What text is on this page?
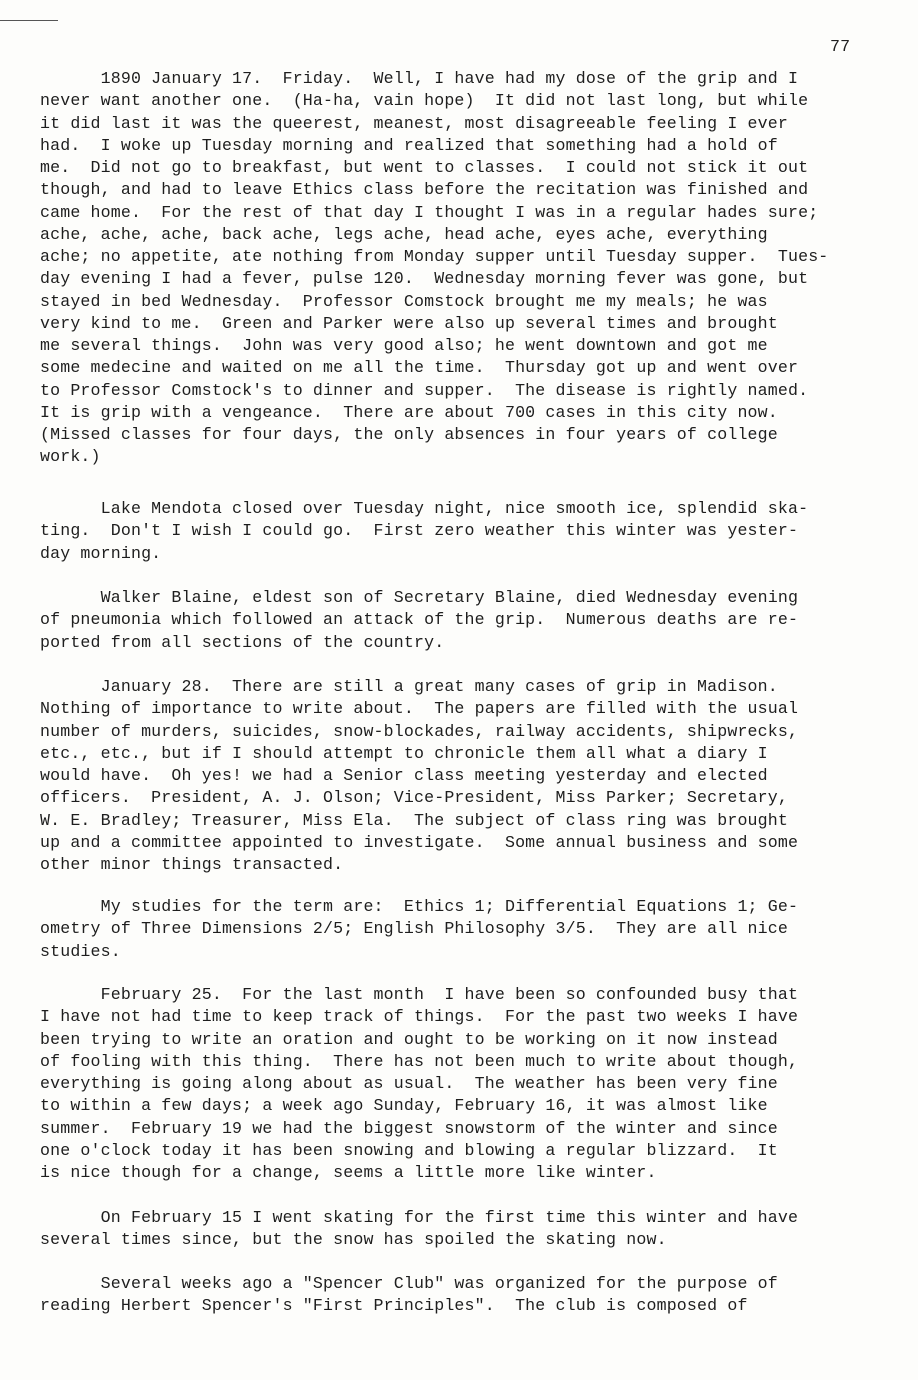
77
1890 January 17.  Friday.  Well, I have had my dose of the grip and I
never want another one.  (Ha-ha, vain hope)  It did not last long, but while
it did last it was the queerest, meanest, most disagreeable feeling I ever
had.  I woke up Tuesday morning and realized that something had a hold of
me.  Did not go to breakfast, but went to classes.  I could not stick it out
though, and had to leave Ethics class before the recitation was finished and
came home.  For the rest of that day I thought I was in a regular hades sure;
ache, ache, ache, back ache, legs ache, head ache, eyes ache, everything
ache; no appetite, ate nothing from Monday supper until Tuesday supper.  Tues-
day evening I had a fever, pulse 120.  Wednesday morning fever was gone, but
stayed in bed Wednesday.  Professor Comstock brought me my meals; he was
very kind to me.  Green and Parker were also up several times and brought
me several things.  John was very good also; he went downtown and got me
some medecine and waited on me all the time.  Thursday got up and went over
to Professor Comstock's to dinner and supper.  The disease is rightly named.
It is grip with a vengeance.  There are about 700 cases in this city now.
(Missed classes for four days, the only absences in four years of college
work.)
Lake Mendota closed over Tuesday night, nice smooth ice, splendid ska-
ting.  Don't I wish I could go.  First zero weather this winter was yester-
day morning.
Walker Blaine, eldest son of Secretary Blaine, died Wednesday evening
of pneumonia which followed an attack of the grip.  Numerous deaths are re-
ported from all sections of the country.
January 28.  There are still a great many cases of grip in Madison.
Nothing of importance to write about.  The papers are filled with the usual
number of murders, suicides, snow-blockades, railway accidents, shipwrecks,
etc., etc., but if I should attempt to chronicle them all what a diary I
would have.  Oh yes! we had a Senior class meeting yesterday and elected
officers.  President, A. J. Olson; Vice-President, Miss Parker; Secretary,
W. E. Bradley; Treasurer, Miss Ela.  The subject of class ring was brought
up and a committee appointed to investigate.  Some annual business and some
other minor things transacted.
My studies for the term are:  Ethics 1; Differential Equations 1; Ge-
ometry of Three Dimensions 2/5; English Philosophy 3/5.  They are all nice
studies.
February 25.  For the last month  I have been so confounded busy that
I have not had time to keep track of things.  For the past two weeks I have
been trying to write an oration and ought to be working on it now instead
of fooling with this thing.  There has not been much to write about though,
everything is going along about as usual.  The weather has been very fine
to within a few days; a week ago Sunday, February 16, it was almost like
summer.  February 19 we had the biggest snowstorm of the winter and since
one o'clock today it has been snowing and blowing a regular blizzard.  It
is nice though for a change, seems a little more like winter.
On February 15 I went skating for the first time this winter and have
several times since, but the snow has spoiled the skating now.
Several weeks ago a "Spencer Club" was organized for the purpose of
reading Herbert Spencer's "First Principles".  The club is composed of
